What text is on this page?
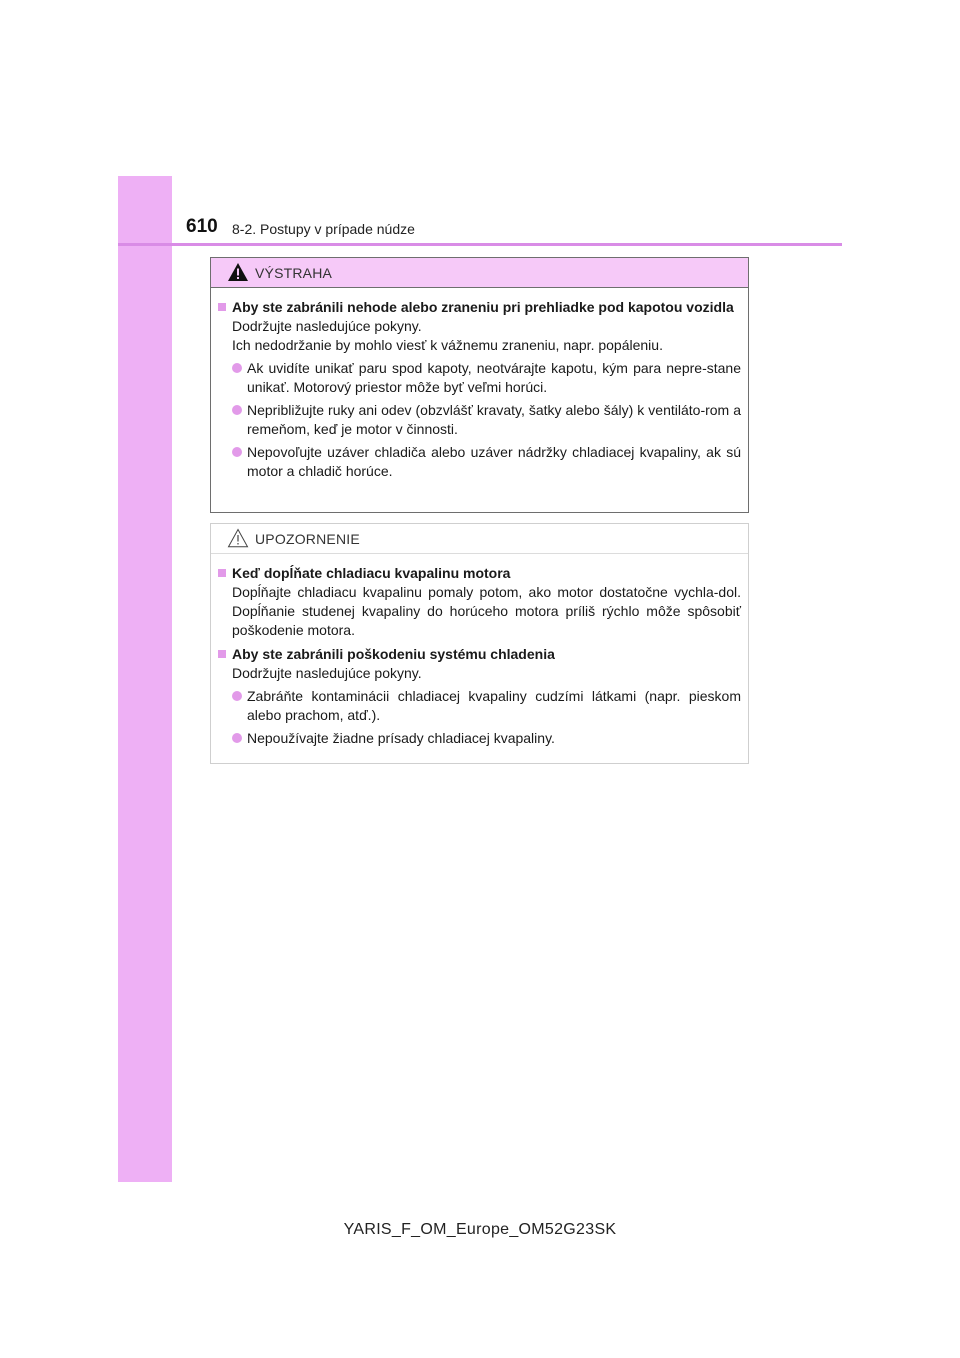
610 8-2. Postupy v prípade núdze
VÝSTRAHA
Aby ste zabránili nehode alebo zraneniu pri prehliadke pod kapotou vozidla
Dodržujte nasledujúce pokyny.
Ich nedodržanie by mohlo viesť k vážnemu zraneniu, napr. popáleniu.
Ak uvidíte unikať paru spod kapoty, neotvárajte kapotu, kým para nepre-stane unikať. Motorový priestor môže byť veľmi horúci.
Nepribližujte ruky ani odev (obzvlášť kravaty, šatky alebo šály) k ventiláto-rom a remeňom, keď je motor v činnosti.
Nepovoľujte uzáver chladiča alebo uzáver nádržky chladiacej kvapaliny, ak sú motor a chladič horúce.
UPOZORNENIE
Keď dopĺňate chladiacu kvapalinu motora
Dopĺňajte chladiacu kvapalinu pomaly potom, ako motor dostatočne vychla-dol. Dopĺňanie studenej kvapaliny do horúceho motora príliš rýchlo môže spôsobiť poškodenie motora.
Aby ste zabránili poškodeniu systému chladenia
Dodržujte nasledujúce pokyny.
Zabráňte kontaminácii chladiacej kvapaliny cudzími látkami (napr. pieskom alebo prachom, atď.).
Nepoužívajte žiadne prísady chladiacej kvapaliny.
YARIS_F_OM_Europe_OM52G23SK
